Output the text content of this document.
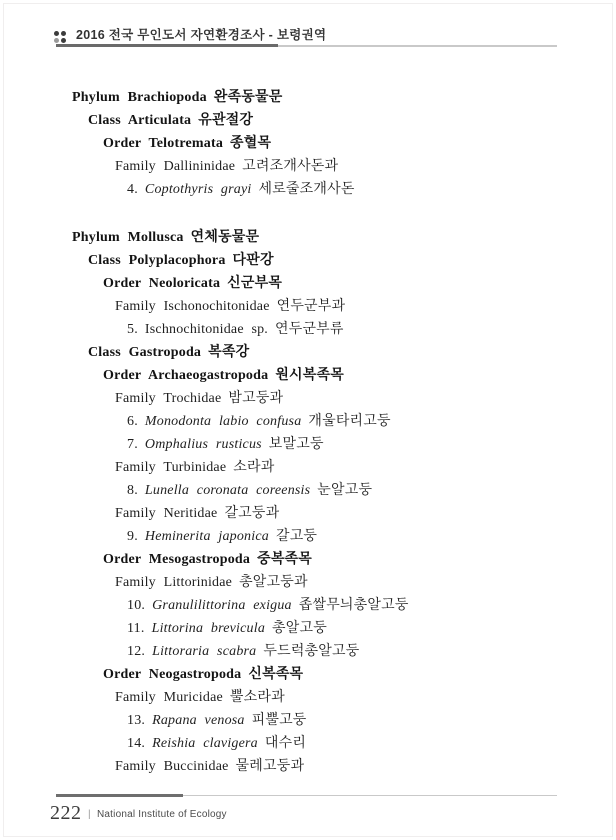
2016 전국 무인도서 자연환경조사 - 보령권역
Phylum Brachiopoda 완족동물문
Class Articulata 유관절강
Order Telotremata 종혈목
Family Dallininidae 고려조개사돈과
4. Coptothyris grayi 세로줄조개사돈
Phylum Mollusca 연체동물문
Class Polyplacophora 다판강
Order Neoloricata 신군부목
Family Ischonochitonidae 연두군부과
5. Ischnochitonidae sp. 연두군부류
Class Gastropoda 복족강
Order Archaeogastropoda 원시복족목
Family Trochidae 밤고둥과
6. Monodonta labio confusa 개울타리고둥
7. Omphalius rusticus 보말고둥
Family Turbinidae 소라과
8. Lunella coronata coreensis 눈알고둥
Family Neritidae 갈고둥과
9. Heminerita japonica 갈고둥
Order Mesogastropoda 중복족목
Family Littorinidae 총알고둥과
10. Granulilittorina exigua 좁쌀무늬총알고둥
11. Littorina brevicula 총알고둥
12. Littoraria scabra 두드럭총알고둥
Order Neogastropoda 신복족목
Family Muricidae 뿔소라과
13. Rapana venosa 피뿔고둥
14. Reishia clavigera 대수리
Family Buccinidae 물레고둥과
222 | National Institute of Ecology
